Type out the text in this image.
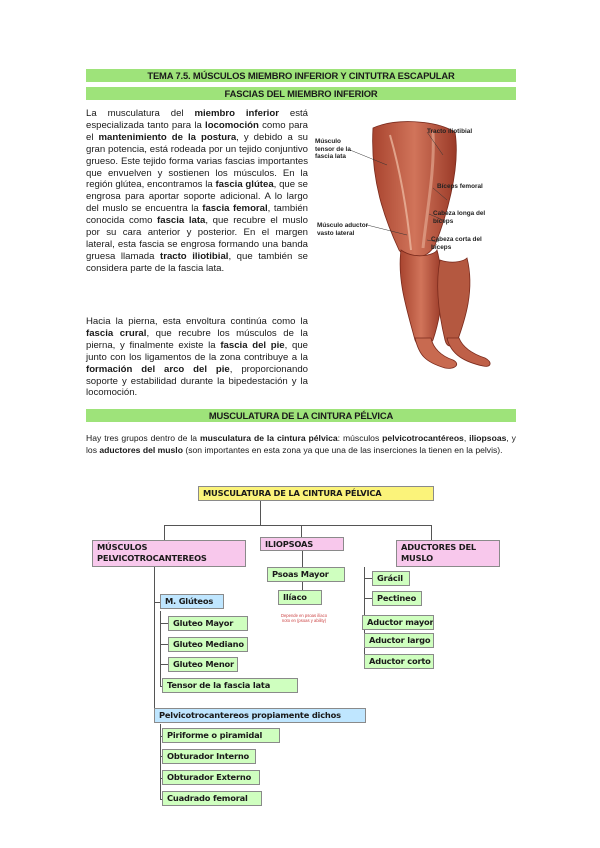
TEMA 7.5. MÚSCULOS MIEMBRO INFERIOR Y CINTUTRA ESCAPULAR
FASCIAS DEL MIEMBRO INFERIOR

La musculatura del miembro inferior está especializada tanto para la locomoción como para el mantenimiento de la postura, y debido a su gran potencia, está rodeada por un tejido conjuntivo grueso. Este tejido forma varias fascias importantes que envuelven y sostienen los músculos. En la región glútea, encontramos la fascia glútea, que se engrosa para aportar soporte adicional. A lo largo del muslo se encuentra la fascia femoral, también conocida como fascia lata, que recubre el muslo por su cara anterior y posterior. En el margen lateral, esta fascia se engrosa formando una banda gruesa llamada tracto iliotibial, que también se considera parte de la fascia lata.

Hacia la pierna, esta envoltura continúa como la fascia crural, que recubre los músculos de la pierna, y finalmente existe la fascia del pie, que junto con los ligamentos de la zona contribuye a la formación del arco del pie, proporcionando soporte y estabilidad durante la bipedestación y la locomoción.

Músculo
tensor de la
fascia lata
Tracto iliotibial
Bíceps femoral
Cabeza longa del
bíceps
Músculo aductor
vasto lateral
Cabeza corta del
bíceps
MUSCULATURA DE LA CINTURA PÉLVICA

Hay tres grupos dentro de la musculatura de la cintura pélvica: músculos pelvicotrocantéreos, iliopsoas, y los aductores del muslo (son importantes en esta zona ya que una de las inserciones la tienen en la pelvis).

MUSCULATURA DE LA CINTURA PÉLVICA
MÚSCULOS
PELVICOTROCANTEREOS
ILIOPSOAS	ADUCTORES DEL
MUSLO
M. Glúteos
Gluteo Mayor
Gluteo Mediano
Gluteo Menor
Tensor de la fascia lata
Pelvicotrocantereos propiamente dichos
Piriforme o piramidal
Obturador Interno
Obturador Externo
Cuadrado femoral
Psoas Mayor
Ilíaco
Depende en psoas ilíaco
noto en (psoas y ability)
Grácil
Pectineo
Aductor mayor
Aductor largo
Aductor corto
